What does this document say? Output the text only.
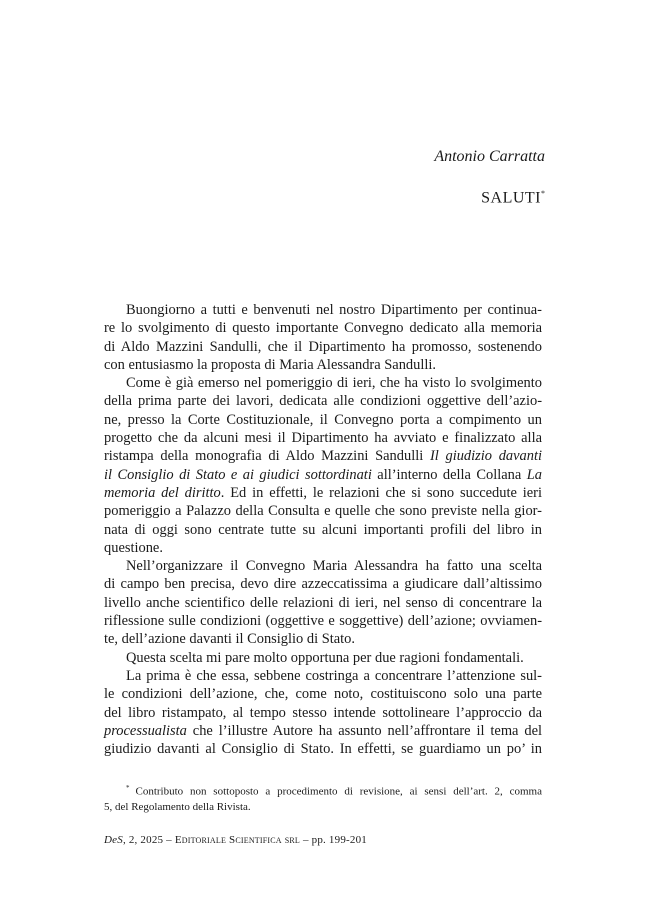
Antonio Carratta
SALUTI*
Buongiorno a tutti e benvenuti nel nostro Dipartimento per continua-
re lo svolgimento di questo importante Convegno dedicato alla memoria
di Aldo Mazzini Sandulli, che il Dipartimento ha promosso, sostenendo
con entusiasmo la proposta di Maria Alessandra Sandulli.
Come è già emerso nel pomeriggio di ieri, che ha visto lo svolgimento
della prima parte dei lavori, dedicata alle condizioni oggettive dell’azio-
ne, presso la Corte Costituzionale, il Convegno porta a compimento un
progetto che da alcuni mesi il Dipartimento ha avviato e finalizzato alla
ristampa della monografia di Aldo Mazzini Sandulli Il giudizio davanti
il Consiglio di Stato e ai giudici sottordinati all’interno della Collana La
memoria del diritto. Ed in effetti, le relazioni che si sono succedute ieri
pomeriggio a Palazzo della Consulta e quelle che sono previste nella gior-
nata di oggi sono centrate tutte su alcuni importanti profili del libro in
questione.
Nell’organizzare il Convegno Maria Alessandra ha fatto una scelta
di campo ben precisa, devo dire azzeccatissima a giudicare dall’altissimo
livello anche scientifico delle relazioni di ieri, nel senso di concentrare la
riflessione sulle condizioni (oggettive e soggettive) dell’azione; ovviamen-
te, dell’azione davanti il Consiglio di Stato.
Questa scelta mi pare molto opportuna per due ragioni fondamentali.
La prima è che essa, sebbene costringa a concentrare l’attenzione sul-
le condizioni dell’azione, che, come noto, costituiscono solo una parte
del libro ristampato, al tempo stesso intende sottolineare l’approccio da
processualista che l’illustre Autore ha assunto nell’affrontare il tema del
giudizio davanti al Consiglio di Stato. In effetti, se guardiamo un po’ in
* Contributo non sottoposto a procedimento di revisione, ai sensi dell’art. 2, comma
5, del Regolamento della Rivista.
DeS, 2, 2025 – Editoriale Scientifica srl – pp. 199-201
